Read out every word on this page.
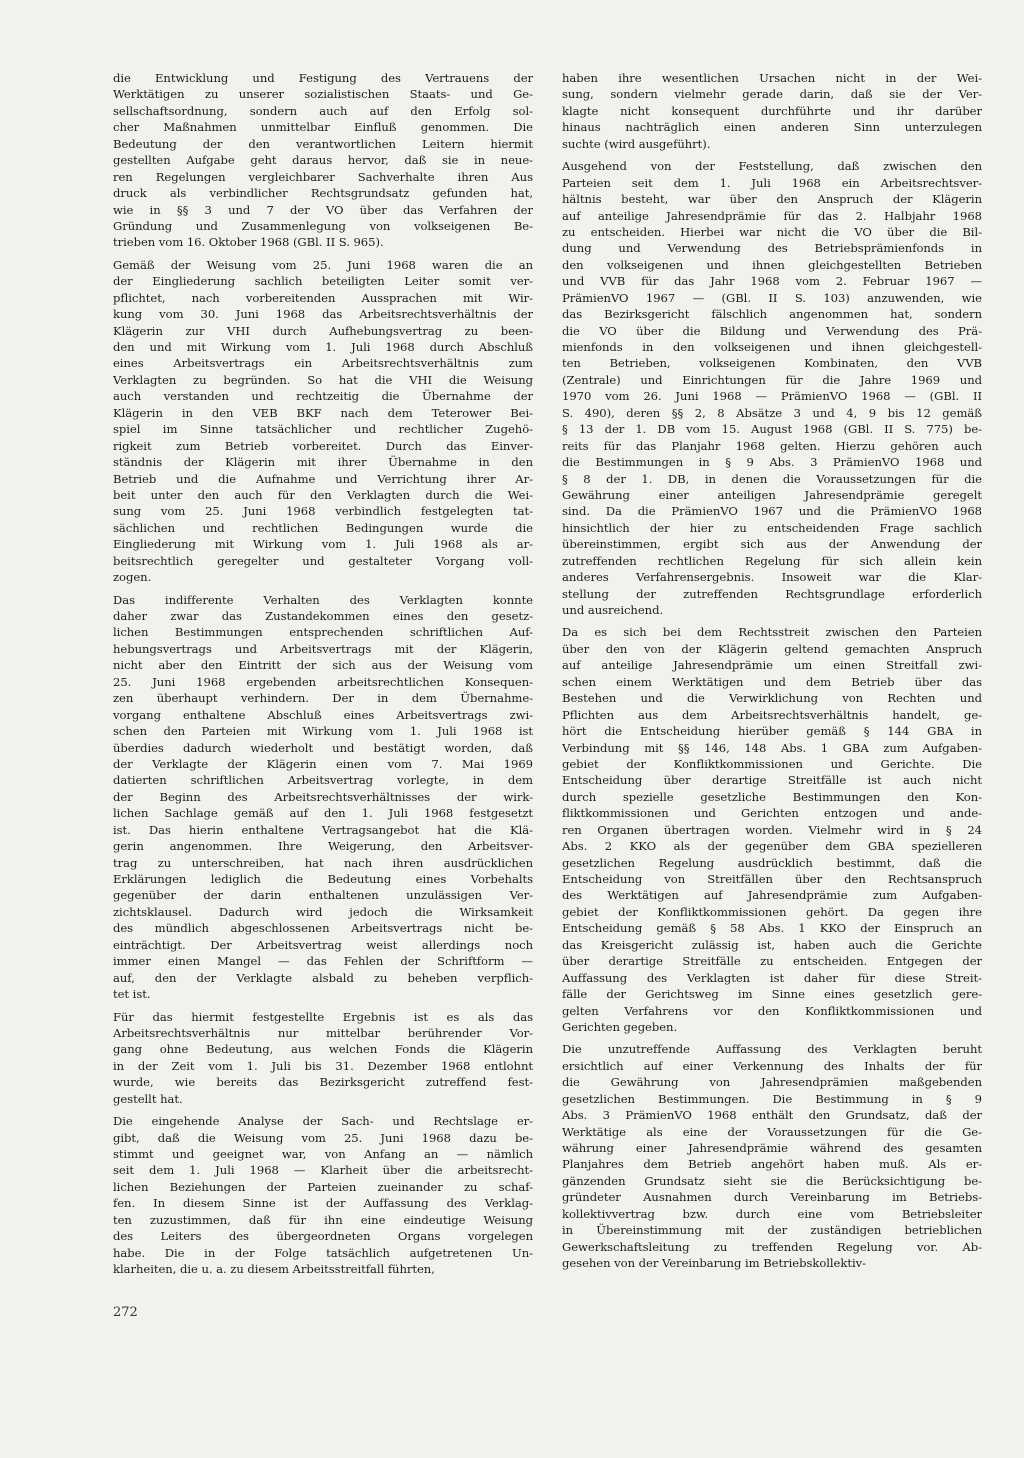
die Entwicklung und Festigung des Vertrauens der
Werktätigen zu unserer sozialistischen Staats- und Ge-
sellschaftsordnung, sondern auch auf den Erfolg sol-
cher Maßnahmen unmittelbar Einfluß genommen. Die
Bedeutung der den verantwortlichen Leitern hiermit
gestellten Aufgabe geht daraus hervor, daß sie in neue-
ren Regelungen vergleichbarer Sachverhalte ihren Aus
druck als verbindlicher Rechtsgrundsatz gefunden hat,
wie in §§ 3 und 7 der VO über das Verfahren der
Gründung und Zusammenlegung von volkseigenen Be-
trieben vom 16. Oktober 1968 (GBl. II S. 965).
Gemäß der Weisung vom 25. Juni 1968 waren die an
der Eingliederung sachlich beteiligten Leiter somit ver-
pflichtet, nach vorbereitenden Aussprachen mit Wir-
kung vom 30. Juni 1968 das Arbeitsrechtsverhältnis der
Klägerin zur VHI durch Aufhebungsvertrag zu been-
den und mit Wirkung vom 1. Juli 1968 durch Abschluß
eines Arbeitsvertrags ein Arbeitsrechtsverhältnis zum
Verklagten zu begründen. So hat die VHI die Weisung
auch verstanden und rechtzeitig die Übernahme der
Klägerin in den VEB BKF nach dem Teterower Bei-
spiel im Sinne tatsächlicher und rechtlicher Zugehö-
rigkeit zum Betrieb vorbereitet. Durch das Einver-
ständnis der Klägerin mit ihrer Übernahme in den
Betrieb und die Aufnahme und Verrichtung ihrer Ar-
beit unter den auch für den Verklagten durch die Wei-
sung vom 25. Juni 1968 verbindlich festgelegten tat-
sächlichen und rechtlichen Bedingungen wurde die
Eingliederung mit Wirkung vom 1. Juli 1968 als ar-
beitsrechtlich geregelter und gestalteter Vorgang voll-
zogen.
Das indifferente Verhalten des Verklagten konnte
daher zwar das Zustandekommen eines den gesetz-
lichen Bestimmungen entsprechenden schriftlichen Auf-
hebungsvertrags und Arbeitsvertrags mit der Klägerin,
nicht aber den Eintritt der sich aus der Weisung vom
25. Juni 1968 ergebenden arbeitsrechtlichen Konsequen-
zen überhaupt verhindern. Der in dem Übernahme-
vorgang enthaltene Abschluß eines Arbeitsvertrags zwi-
schen den Parteien mit Wirkung vom 1. Juli 1968 ist
überdies dadurch wiederholt und bestätigt worden, daß
der Verklagte der Klägerin einen vom 7. Mai 1969
datierten schriftlichen Arbeitsvertrag vorlegte, in dem
der Beginn des Arbeitsrechtsverhältnisses der wirk-
lichen Sachlage gemäß auf den 1. Juli 1968 festgesetzt
ist. Das hierin enthaltene Vertragsangebot hat die Klä-
gerin angenommen. Ihre Weigerung, den Arbeitsver-
trag zu unterschreiben, hat nach ihren ausdrücklichen
Erklärungen lediglich die Bedeutung eines Vorbehalts
gegenüber der darin enthaltenen unzulässigen Ver-
zichtsklausel. Dadurch wird jedoch die Wirksamkeit
des mündlich abgeschlossenen Arbeitsvertrags nicht be-
einträchtigt. Der Arbeitsvertrag weist allerdings noch
immer einen Mangel — das Fehlen der Schriftform —
auf, den der Verklagte alsbald zu beheben verpflich-
tet ist.
Für das hiermit festgestellte Ergebnis ist es als das
Arbeitsrechtsverhältnis nur mittelbar berührender Vor-
gang ohne Bedeutung, aus welchen Fonds die Klägerin
in der Zeit vom 1. Juli bis 31. Dezember 1968 entlohnt
wurde, wie bereits das Bezirksgericht zutreffend fest-
gestellt hat.
Die eingehende Analyse der Sach- und Rechtslage er-
gibt, daß die Weisung vom 25. Juni 1968 dazu be-
stimmt und geeignet war, von Anfang an — nämlich
seit dem 1. Juli 1968 — Klarheit über die arbeitsrecht-
lichen Beziehungen der Parteien zueinander zu schaf-
fen. In diesem Sinne ist der Auffassung des Verklag-
ten zuzustimmen, daß für ihn eine eindeutige Weisung
des Leiters des übergeordneten Organs vorgelegen
habe. Die in der Folge tatsächlich aufgetretenen Un-
klarheiten, die u. a. zu diesem Arbeitsstreitfall führten,
haben ihre wesentlichen Ursachen nicht in der Wei-
sung, sondern vielmehr gerade darin, daß sie der Ver-
klagte nicht konsequent durchführte und ihr darüber
hinaus nachträglich einen anderen Sinn unterzulegen
suchte (wird ausgeführt).
Ausgehend von der Feststellung, daß zwischen den
Parteien seit dem 1. Juli 1968 ein Arbeitsrechtsver-
hältnis besteht, war über den Anspruch der Klägerin
auf anteilige Jahresendprämie für das 2. Halbjahr 1968
zu entscheiden. Hierbei war nicht die VO über die Bil-
dung und Verwendung des Betriebsprämienfonds in
den volkseigenen und ihnen gleichgestellten Betrieben
und VVB für das Jahr 1968 vom 2. Februar 1967 —
PrämienVO 1967 — (GBl. II S. 103) anzuwenden, wie
das Bezirksgericht fälschlich angenommen hat, sondern
die VO über die Bildung und Verwendung des Prä-
mienfonds in den volkseigenen und ihnen gleichgestell-
ten Betrieben, volkseigenen Kombinaten, den VVB
(Zentrale) und Einrichtungen für die Jahre 1969 und
1970 vom 26. Juni 1968 — PrämienVO 1968 — (GBl. II
S. 490), deren §§ 2, 8 Absätze 3 und 4, 9 bis 12 gemäß
§ 13 der 1. DB vom 15. August 1968 (GBl. II S. 775) be-
reits für das Planjahr 1968 gelten. Hierzu gehören auch
die Bestimmungen in § 9 Abs. 3 PrämienVO 1968 und
§ 8 der 1. DB, in denen die Voraussetzungen für die
Gewährung einer anteiligen Jahresendprämie geregelt
sind. Da die PrämienVO 1967 und die PrämienVO 1968
hinsichtlich der hier zu entscheidenden Frage sachlich
übereinstimmen, ergibt sich aus der Anwendung der
zutreffenden rechtlichen Regelung für sich allein kein
anderes Verfahrensergebnis. Insoweit war die Klar-
stellung der zutreffenden Rechtsgrundlage erforderlich
und ausreichend.
Da es sich bei dem Rechtsstreit zwischen den Parteien
über den von der Klägerin geltend gemachten Anspruch
auf anteilige Jahresendprämie um einen Streitfall zwi-
schen einem Werktätigen und dem Betrieb über das
Bestehen und die Verwirklichung von Rechten und
Pflichten aus dem Arbeitsrechtsverhältnis handelt, ge-
hört die Entscheidung hierüber gemäß § 144 GBA in
Verbindung mit §§ 146, 148 Abs. 1 GBA zum Aufgaben-
gebiet der Konfliktkommissionen und Gerichte. Die
Entscheidung über derartige Streitfälle ist auch nicht
durch spezielle gesetzliche Bestimmungen den Kon-
fliktkommissionen und Gerichten entzogen und ande-
ren Organen übertragen worden. Vielmehr wird in § 24
Abs. 2 KKO als der gegenüber dem GBA spezielleren
gesetzlichen Regelung ausdrücklich bestimmt, daß die
Entscheidung von Streitfällen über den Rechtsanspruch
des Werktätigen auf Jahresendprämie zum Aufgaben-
gebiet der Konfliktkommissionen gehört. Da gegen ihre
Entscheidung gemäß § 58 Abs. 1 KKO der Einspruch an
das Kreisgericht zulässig ist, haben auch die Gerichte
über derartige Streitfälle zu entscheiden. Entgegen der
Auffassung des Verklagten ist daher für diese Streit-
fälle der Gerichtsweg im Sinne eines gesetzlich gere-
gelten Verfahrens vor den Konfliktkommissionen und
Gerichten gegeben.
Die unzutreffende Auffassung des Verklagten beruht
ersichtlich auf einer Verkennung des Inhalts der für
die Gewährung von Jahresendprämien maßgebenden
gesetzlichen Bestimmungen. Die Bestimmung in § 9
Abs. 3 PrämienVO 1968 enthält den Grundsatz, daß der
Werktätige als eine der Voraussetzungen für die Ge-
währung einer Jahresendprämie während des gesamten
Planjahres dem Betrieb angehört haben muß. Als er-
gänzenden Grundsatz sieht sie die Berücksichtigung be-
gründeter Ausnahmen durch Vereinbarung im Betriebs-
kollektivvertrag bzw. durch eine vom Betriebsleiter
in Übereinstimmung mit der zuständigen betrieblichen
Gewerkschaftsleitung zu treffenden Regelung vor. Ab-
gesehen von der Vereinbarung im Betriebskollektiv-
272
